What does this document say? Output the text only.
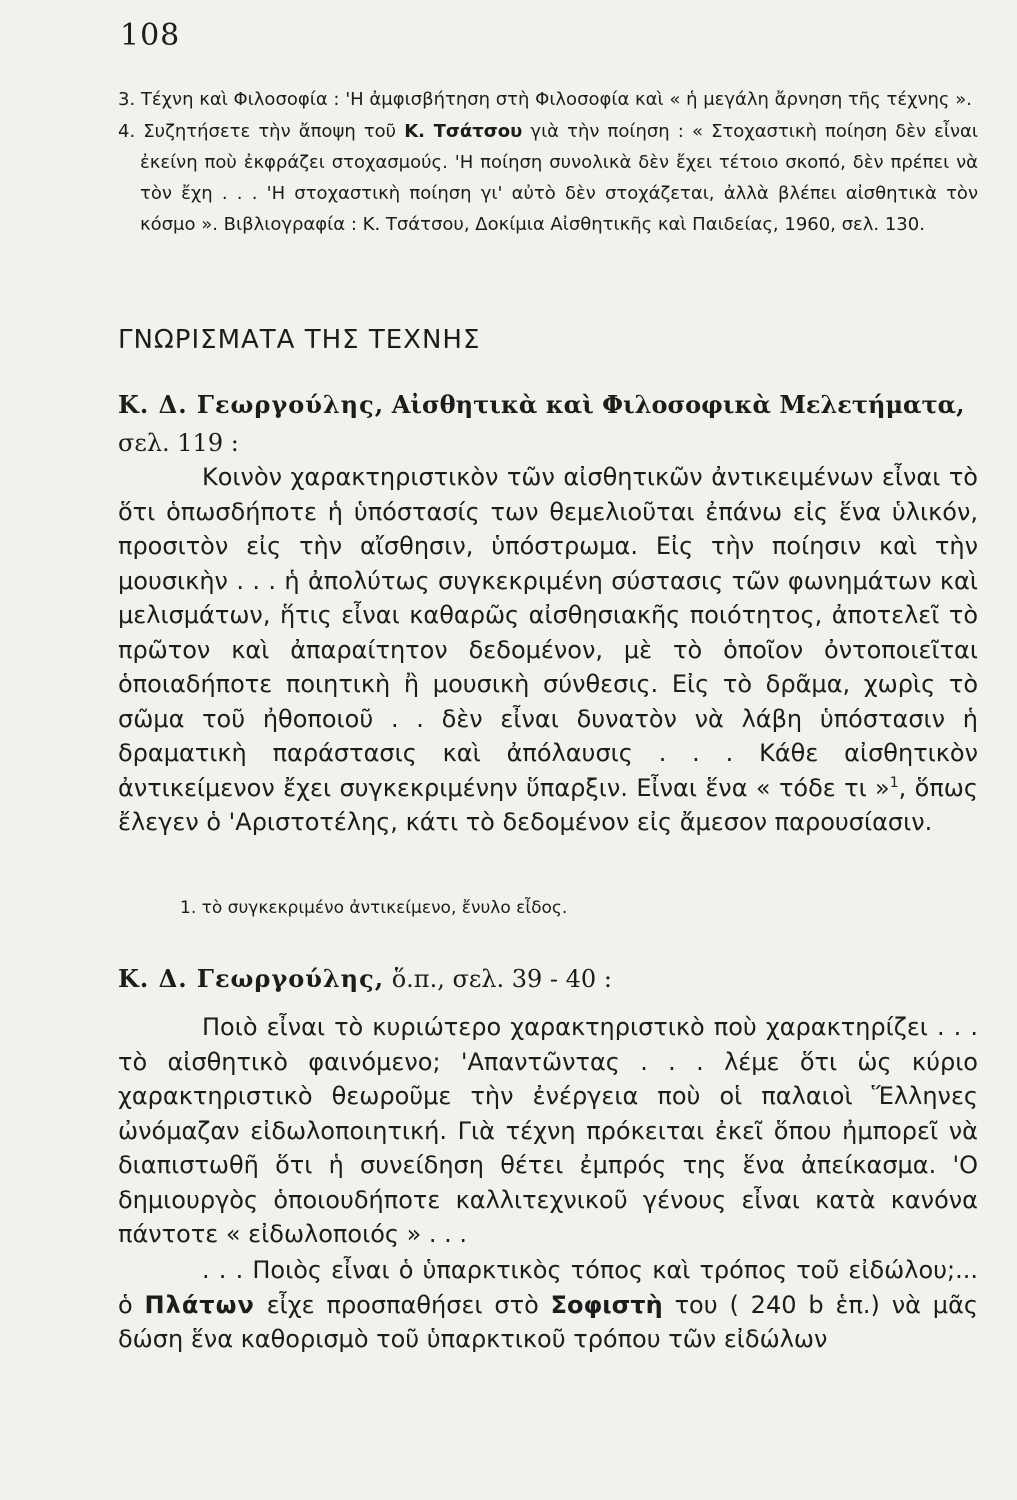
108

3. Τέχνη καὶ Φιλοσοφία : 'Η ἀμφισβήτηση στὴ Φιλοσοφία καὶ « ἡ μεγάλη ἄρνηση τῆς τέχνης ».

4. Συζητήσετε τὴν ἄποψη τοῦ Κ. Τσάτσου γιὰ τὴν ποίηση : « Στοχαστικὴ ποίηση δὲν εἶναι ἐκείνη ποὺ ἐκφράζει στοχασμούς. 'Η ποίηση συνολικὰ δὲν ἔχει τέτοιο σκοπό, δὲν πρέπει νὰ τὸν ἔχη . . . 'Η στοχαστικὴ ποίηση γι' αὐτὸ δὲν στοχάζεται, ἀλλὰ βλέπει αἰσθητικὰ τὸν κόσμο ». Βιβλιογραφία : Κ. Τσάτσου, Δοκίμια Αἰσθητικῆς καὶ Παιδείας, 1960, σελ. 130.

ΓΝΩΡΙΣΜΑΤΑ ΤΗΣ ΤΕΧΝΗΣ
Κ. Δ. Γεωργούλης, Αἰσθητικὰ καὶ Φιλοσοφικὰ Μελετήματα, σελ. 119 :

Κοινὸν χαρακτηριστικὸν τῶν αἰσθητικῶν ἀντικειμένων εἶναι τὸ ὅτι ὁπωσδήποτε ἡ ὑπόστασίς των θεμελιοῦται ἐπάνω εἰς ἕνα ὑλικόν, προσιτὸν εἰς τὴν αἴσθησιν, ὑπόστρωμα. Εἰς τὴν ποίησιν καὶ τὴν μουσικὴν . . . ἡ ἀπολύτως συγκεκριμένη σύστασις τῶν φωνημάτων καὶ μελισμάτων, ἥτις εἶναι καθαρῶς αἰσθησιακῆς ποιότητος, ἀποτελεῖ τὸ πρῶτον καὶ ἀπαραίτητον δεδομένον, μὲ τὸ ὁποῖον ὀντοποιεῖται ὁποιαδήποτε ποιητικὴ ἢ μουσικὴ σύνθεσις. Εἰς τὸ δρᾶμα, χωρὶς τὸ σῶμα τοῦ ἠθοποιοῦ . . δὲν εἶναι δυνατὸν νὰ λάβη ὑπόστασιν ἡ δραματικὴ παράστασις καὶ ἀπόλαυσις . . . Κάθε αἰσθητικὸν ἀντικείμενον ἔχει συγκεκριμένην ὕπαρξιν. Εἶναι ἕνα « τόδε τι »$^1$, ὅπως ἔλεγεν ὁ 'Αριστοτέλης, κάτι τὸ δεδομένον εἰς ἄμεσον παρουσίασιν.

1. τὸ συγκεκριμένο ἀντικείμενο, ἔνυλο εἶδος.
Κ. Δ. Γεωργούλης, ὅ.π., σελ. 39 - 40 :

Ποιὸ εἶναι τὸ κυριώτερο χαρακτηριστικὸ ποὺ χαρακτηρίζει . . . τὸ αἰσθητικὸ φαινόμενο; 'Απαντῶντας . . . λέμε ὅτι ὡς κύριο χαρακτηριστικὸ θεωροῦμε τὴν ἐνέργεια ποὺ οἱ παλαιοὶ Ἕλληνες ὠνόμαζαν εἰδωλοποιητική. Γιὰ τέχνη πρόκειται ἐκεῖ ὅπου ἠμπορεῖ νὰ διαπιστωθῆ ὅτι ἡ συνείδηση θέτει ἐμπρός της ἕνα ἀπείκασμα. 'Ο δημιουργὸς ὁποιουδήποτε καλλιτεχνικοῦ γένους εἶναι κατὰ κανόνα πάντοτε « εἰδωλοποιός » . . .

. . . Ποιὸς εἶναι ὁ ὑπαρκτικὸς τόπος καὶ τρόπος τοῦ εἰδώλου;... ὁ Πλάτων εἶχε προσπαθήσει στὸ Σοφιστὴ του ( 240 b ἑπ.) νὰ μᾶς δώση ἕνα καθορισμὸ τοῦ ὑπαρκτικοῦ τρόπου τῶν εἰδώλων
